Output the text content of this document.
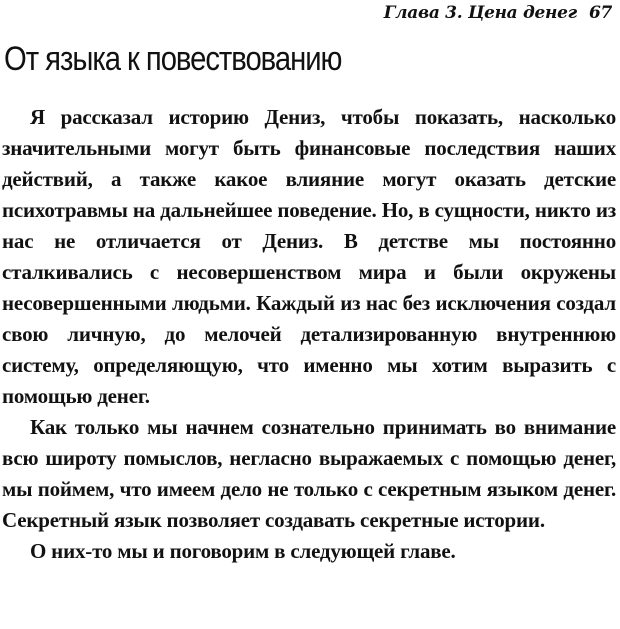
Глава 3. Цена денег 67
От языка к повествованию

Я рассказал историю Дениз, чтобы показать, насколько значительными могут быть финансовые последствия наших действий, а также какое влияние могут оказать детские психотравмы на дальнейшее поведение. Но, в сущности, никто из нас не отличается от Дениз. В детстве мы постоянно сталкивались с несовершенством мира и были окружены несовершенными людьми. Каждый из нас без исключения создал свою личную, до мелочей детализированную внутреннюю систему, определяющую, что именно мы хотим выразить с помощью денег.

Как только мы начнем сознательно принимать во внимание всю широту помыслов, негласно выражаемых с помощью денег, мы поймем, что имеем дело не только с секретным языком денег. Секретный язык позволяет создавать секретные истории.

О них-то мы и поговорим в следующей главе.
